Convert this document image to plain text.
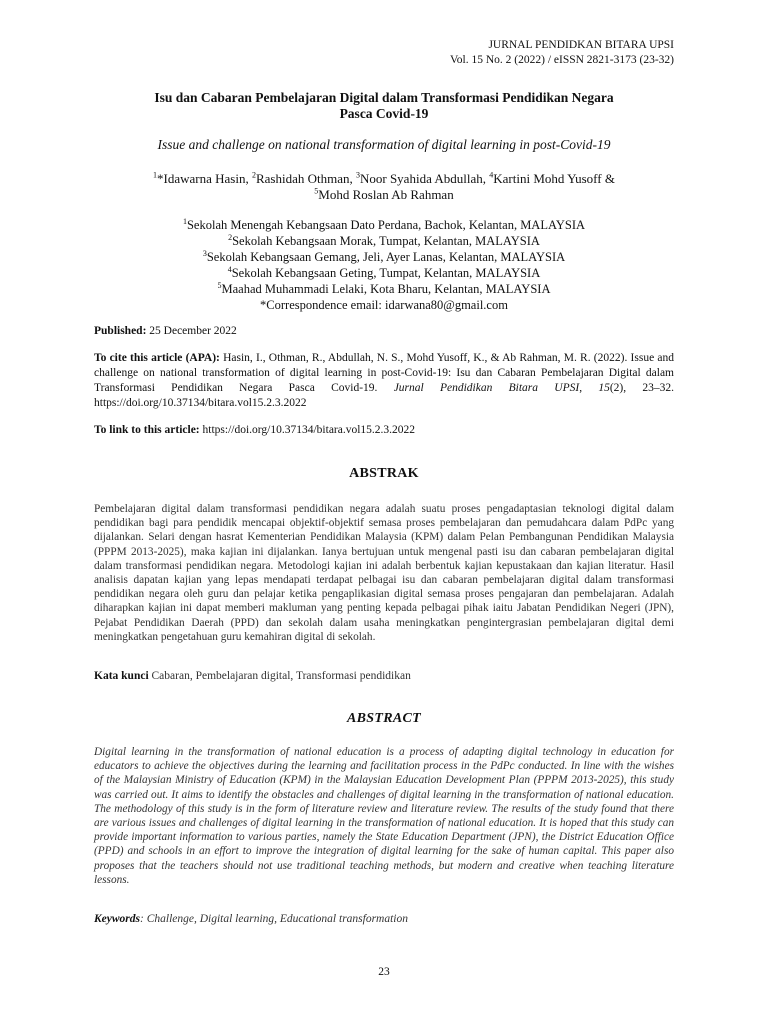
JURNAL PENDIDKAN BITARA UPSI
Vol. 15 No. 2 (2022) / eISSN 2821-3173 (23-32)
Isu dan Cabaran Pembelajaran Digital dalam Transformasi Pendidikan Negara
Pasca Covid-19
Issue and challenge on national transformation of digital learning in post-Covid-19
$^1$*Idawarna Hasin, $^2$Rashidah Othman, $^3$Noor Syahida Abdullah, $^4$Kartini Mohd Yusoff &
$^5$Mohd Roslan Ab Rahman
$^1$Sekolah Menengah Kebangsaan Dato Perdana, Bachok, Kelantan, MALAYSIA
$^2$Sekolah Kebangsaan Morak, Tumpat, Kelantan, MALAYSIA
$^3$Sekolah Kebangsaan Gemang, Jeli, Ayer Lanas, Kelantan, MALAYSIA
$^4$Sekolah Kebangsaan Geting, Tumpat, Kelantan, MALAYSIA
$^5$Maahad Muhammadi Lelaki, Kota Bharu, Kelantan, MALAYSIA
*Correspondence email: idarwana80@gmail.com
Published: 25 December 2022
To cite this article (APA): Hasin, I., Othman, R., Abdullah, N. S., Mohd Yusoff, K., & Ab Rahman, M. R. (2022). Issue and challenge on national transformation of digital learning in post-Covid-19: Isu dan Cabaran Pembelajaran Digital dalam Transformasi Pendidikan Negara Pasca Covid-19. Jurnal Pendidikan Bitara UPSI, 15(2), 23–32. https://doi.org/10.37134/bitara.vol15.2.3.2022
To link to this article: https://doi.org/10.37134/bitara.vol15.2.3.2022
ABSTRAK
Pembelajaran digital dalam transformasi pendidikan negara adalah suatu proses pengadaptasian teknologi digital dalam pendidikan bagi para pendidik mencapai objektif-objektif semasa proses pembelajaran dan pemudahcara dalam PdPc yang dijalankan. Selari dengan hasrat Kementerian Pendidikan Malaysia (KPM) dalam Pelan Pembangunan Pendidikan Malaysia (PPPM 2013-2025), maka kajian ini dijalankan. Ianya bertujuan untuk mengenal pasti isu dan cabaran pembelajaran digital dalam transformasi pendidikan negara. Metodologi kajian ini adalah berbentuk kajian kepustakaan dan kajian literatur. Hasil analisis dapatan kajian yang lepas mendapati terdapat pelbagai isu dan cabaran pembelajaran digital dalam transformasi pendidikan negara oleh guru dan pelajar ketika pengaplikasian digital semasa proses pengajaran dan pembelajaran. Adalah diharapkan kajian ini dapat memberi makluman yang penting kepada pelbagai pihak iaitu Jabatan Pendidikan Negeri (JPN), Pejabat Pendidikan Daerah (PPD) dan sekolah dalam usaha meningkatkan pengintergrasian pembelajaran digital demi meningkatkan pengetahuan guru kemahiran digital di sekolah.
Kata kunci Cabaran, Pembelajaran digital, Transformasi pendidikan
ABSTRACT
Digital learning in the transformation of national education is a process of adapting digital technology in education for educators to achieve the objectives during the learning and facilitation process in the PdPc conducted. In line with the wishes of the Malaysian Ministry of Education (KPM) in the Malaysian Education Development Plan (PPPM 2013-2025), this study was carried out. It aims to identify the obstacles and challenges of digital learning in the transformation of national education. The methodology of this study is in the form of literature review and literature review. The results of the study found that there are various issues and challenges of digital learning in the transformation of national education. It is hoped that this study can provide important information to various parties, namely the State Education Department (JPN), the District Education Office (PPD) and schools in an effort to improve the integration of digital learning for the sake of human capital. This paper also proposes that the teachers should not use traditional teaching methods, but modern and creative when teaching literature lessons.
Keywords: Challenge, Digital learning, Educational transformation
23
